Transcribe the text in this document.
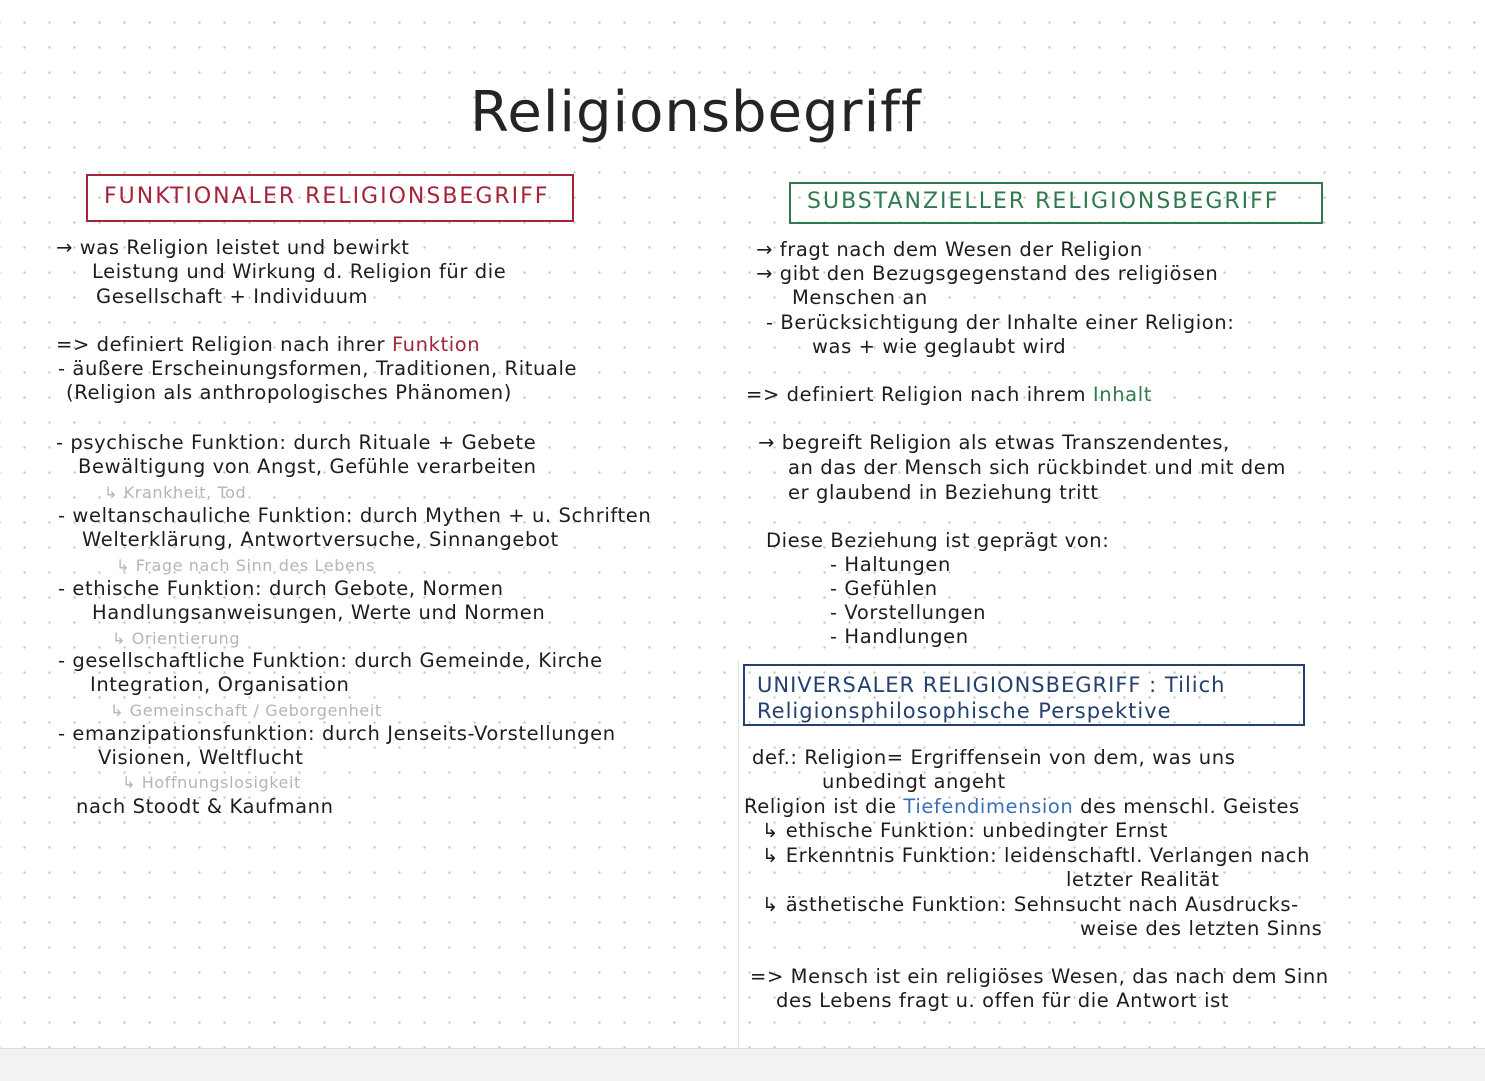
Religionsbegriff
FUNKTIONALER RELIGIONSBEGRIFF
→ was Religion leistet und bewirkt
Leistung und Wirkung d. Religion für die
Gesellschaft + Individuum
=> definiert Religion nach ihrer Funktion
- äußere Erscheinungsformen, Traditionen, Rituale
(Religion als anthropologisches Phänomen)
- psychische Funktion: durch Rituale + Gebete
Bewältigung von Angst, Gefühle verarbeiten
↳ Krankheit, Tod
- weltanschauliche Funktion: durch Mythen + u. Schriften
Welterklärung, Antwortversuche, Sinnangebot
↳ Frage nach Sinn des Lebens
- ethische Funktion: durch Gebote, Normen
Handlungsanweisungen, Werte und Normen
↳ Orientierung
- gesellschaftliche Funktion: durch Gemeinde, Kirche
Integration, Organisation
↳ Gemeinschaft / Geborgenheit
- emanzipationsfunktion: durch Jenseits-Vorstellungen
Visionen, Weltflucht
↳ Hoffnungslosigkeit
nach Stoodt & Kaufmann
SUBSTANZIELLER RELIGIONSBEGRIFF
→ fragt nach dem Wesen der Religion
→ gibt den Bezugsgegenstand des religiösen
Menschen an
- Berücksichtigung der Inhalte einer Religion:
was + wie geglaubt wird
=> definiert Religion nach ihrem Inhalt
→ begreift Religion als etwas Transzendentes,
an das der Mensch sich rückbindet und mit dem
er glaubend in Beziehung tritt
Diese Beziehung ist geprägt von:
- Haltungen
- Gefühlen
- Vorstellungen
- Handlungen
UNIVERSALER RELIGIONSBEGRIFF : Tilich
Religionsphilosophische Perspektive
def.: Religion= Ergriffensein von dem, was uns
unbedingt angeht
Religion ist die Tiefendimension des menschl. Geistes
↳ ethische Funktion: unbedingter Ernst
↳ Erkenntnis Funktion: leidenschaftl. Verlangen nach
letzter Realität
↳ ästhetische Funktion: Sehnsucht nach Ausdrucks-
weise des letzten Sinns
=> Mensch ist ein religiöses Wesen, das nach dem Sinn
des Lebens fragt u. offen für die Antwort ist
